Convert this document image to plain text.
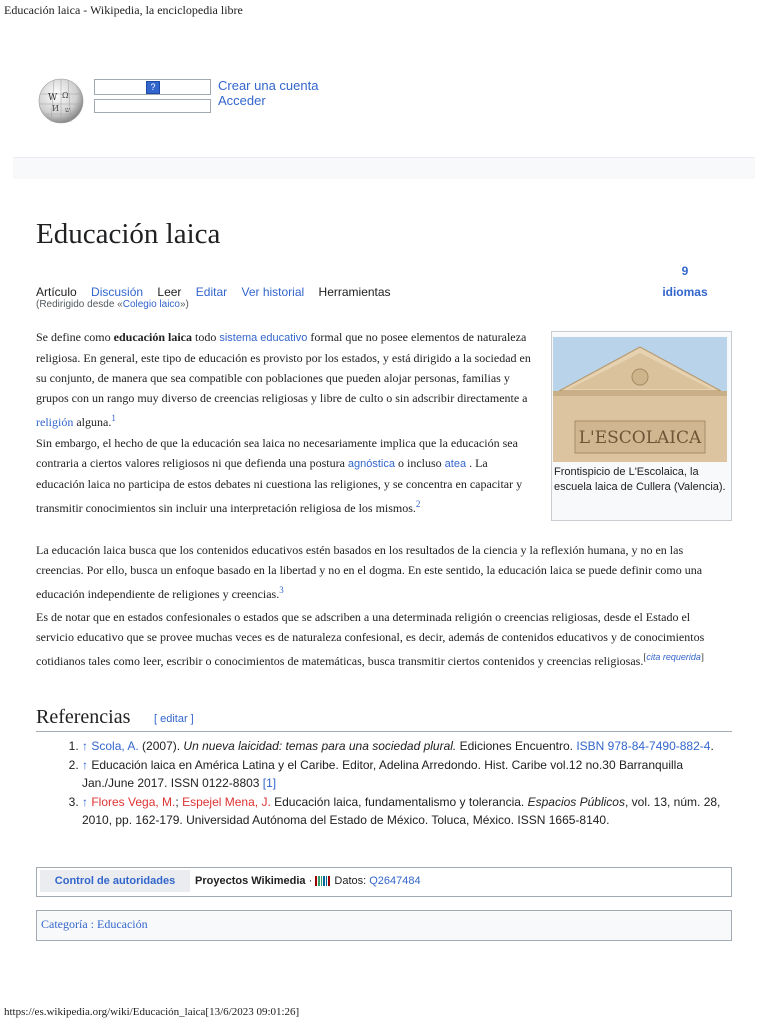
Educación laica - Wikipedia, la enciclopedia libre
W Ω
И ש
?	Crear una cuenta
Acceder
Educación laica
Artículo Discusión Leer Editar Ver historial Herramientas
9
idiomas
(Redirigido desde «Colegio laico»)
Se define como educación laica todo sistema educativo formal que no posee elementos de naturaleza religiosa. En general, este tipo de educación es provisto por los estados, y está dirigido a la sociedad en su conjunto, de manera que sea compatible con poblaciones que pueden alojar personas, familias y grupos con un rango muy diverso de creencias religiosas y libre de culto o sin adscribir directamente a religión alguna.$^1$
Sin embargo, el hecho de que la educación sea laica no necesariamente implica que la educación sea contraria a ciertos valores religiosos ni que defienda una postura agnóstica o incluso atea . La educación laica no participa de estos debates ni cuestiona las religiones, y se concentra en capacitar y transmitir conocimientos sin incluir una interpretación religiosa de los mismos.$^2$
La educación laica busca que los contenidos educativos estén basados en los resultados de la ciencia y la reflexión humana, y no en las creencias. Por ello, busca un enfoque basado en la libertad y no en el dogma. En este sentido, la educación laica se puede definir como una educación independiente de religiones y creencias.$^3$
Es de notar que en estados confesionales o estados que se adscriben a una determinada religión o creencias religiosas, desde el Estado el servicio educativo que se provee muchas veces es de naturaleza confesional, es decir, además de contenidos educativos y de conocimientos cotidianos tales como leer, escribir o conocimientos de matemáticas, busca transmitir ciertos contenidos y creencias religiosas.[cita requerida]
L'ESCOLAICA
Frontispicio de L'Escolaica, la escuela laica de Cullera (Valencia).
Referencias [ editar ]
1. ↑ Scola, A. (2007). Un nueva laicidad: temas para una sociedad plural. Ediciones Encuentro. ISBN 978-84-7490-882-4.
2. ↑ Educación laica en América Latina y el Caribe. Editor, Adelina Arredondo. Hist. Caribe vol.12 no.30 Barranquilla Jan./June 2017. ISSN 0122-8803 [1]
3. ↑ Flores Vega, M.; Espejel Mena, J. Educación laica, fundamentalismo y tolerancia. Espacios Públicos, vol. 13, núm. 28, 2010, pp. 162-179. Universidad Autónoma del Estado de México. Toluca, México. ISSN 1665-8140.
Control de autoridades	Proyectos Wikimedia ·  Datos: Q2647484
Categoría : Educación
https://es.wikipedia.org/wiki/Educación_laica[13/6/2023 09:01:26]
